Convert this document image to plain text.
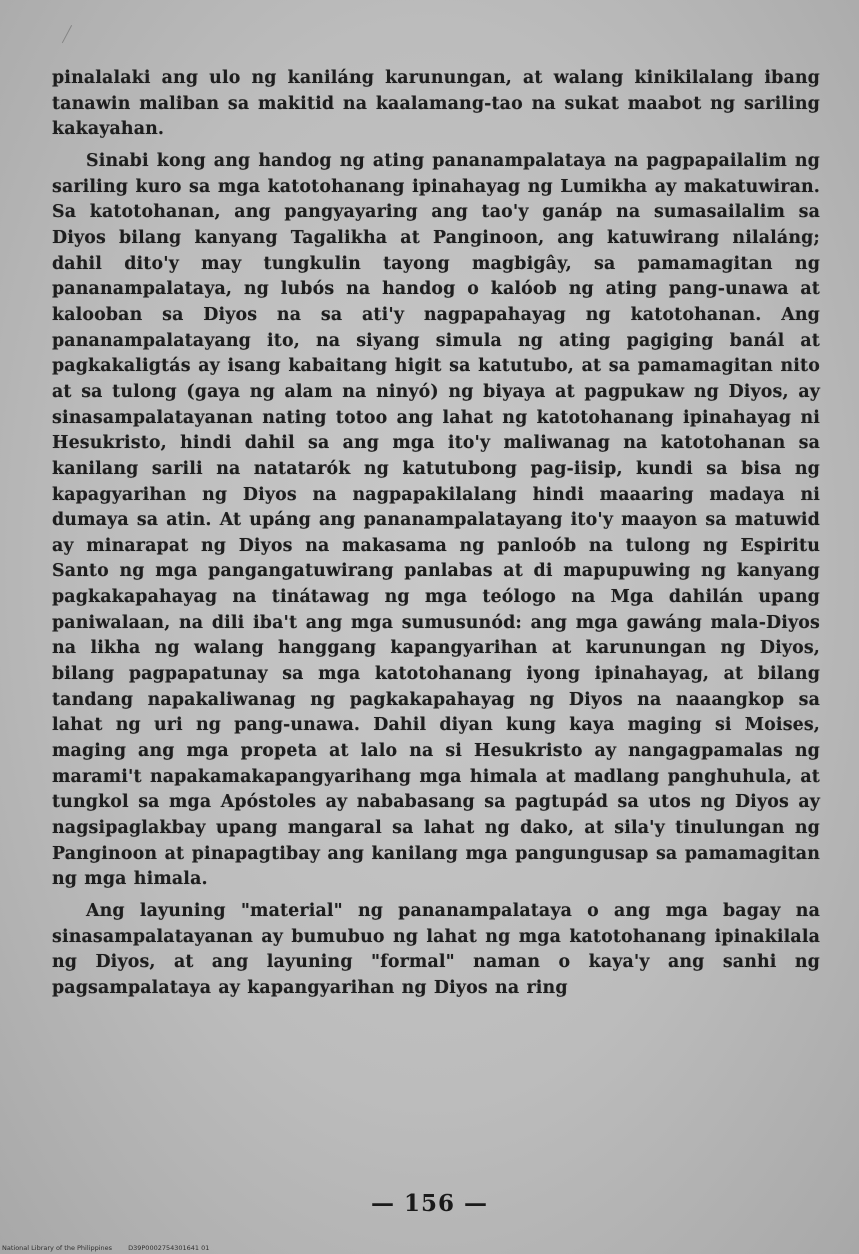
pinalalaki ang ulo ng kaniláng karunungan, at walang kinikilalang ibang tanawin maliban sa makitid na kaalamang-tao na sukat maabot ng sariling kakayahan.

Sinabi kong ang handog ng ating pananampalataya na pagpapailalim ng sariling kuro sa mga katotohanang ipinahayag ng Lumikha ay makatuwiran. Sa katotohanan, ang pangyayaring ang tao'y ganáp na sumasailalim sa Diyos bilang kanyang Tagalikha at Panginoon, ang katuwirang nilaláng; dahil dito'y may tungkulin tayong magbigây, sa pamamagitan ng pananampalataya, ng lubós na handog o kalóob ng ating pang-unawa at kalooban sa Diyos na sa ati'y nagpapahayag ng katotohanan. Ang pananampalatayang ito, na siyang simula ng ating pagiging banál at pagkakaligtás ay isang kabaitang higit sa katutubo, at sa pamamagitan nito at sa tulong (gaya ng alam na ninyó) ng biyaya at pagpukaw ng Diyos, ay sinasampalatayanan nating totoo ang lahat ng katotohanang ipinahayag ni Hesukristo, hindi dahil sa ang mga ito'y maliwanag na katotohanan sa kanilang sarili na natatarók ng katutubong pag-iisip, kundi sa bisa ng kapagyarihan ng Diyos na nagpapakilalang hindi maaaring madaya ni dumaya sa atin. At upáng ang pananampalatayang ito'y maayon sa matuwid ay minarapat ng Diyos na makasama ng panloób na tulong ng Espiritu Santo ng mga pangangatuwirang panlabas at di mapupuwing ng kanyang pagkakapahayag na tinátawag ng mga teólogo na Mga dahilán upang paniwalaan, na dili iba't ang mga sumusunód: ang mga gawáng mala-Diyos na likha ng walang hanggang kapangyarihan at karunungan ng Diyos, bilang pagpapatunay sa mga katotohanang iyong ipinahayag, at bilang tandang napakaliwanag ng pagkakapahayag ng Diyos na naaangkop sa lahat ng uri ng pang-unawa. Dahil diyan kung kaya maging si Moises, maging ang mga propeta at lalo na si Hesukristo ay nangagpamalas ng marami't napakamakapangyarihang mga himala at madlang panghuhula, at tungkol sa mga Apóstoles ay nababasang sa pagtupád sa utos ng Diyos ay nagsipaglakbay upang mangaral sa lahat ng dako, at sila'y tinulungan ng Panginoon at pinapagtibay ang kanilang mga pangungusap sa pamamagitan ng mga himala.

Ang layuning "material" ng pananampalataya o ang mga bagay na sinasampalatayanan ay bumubuo ng lahat ng mga katotohanang ipinakilala ng Diyos, at ang layuning "formal" naman o kaya'y ang sanhi ng pagsampalataya ay kapangyarihan ng Diyos na ring

— 156 —
National Library of the Philippines D39P0002754301641 01
